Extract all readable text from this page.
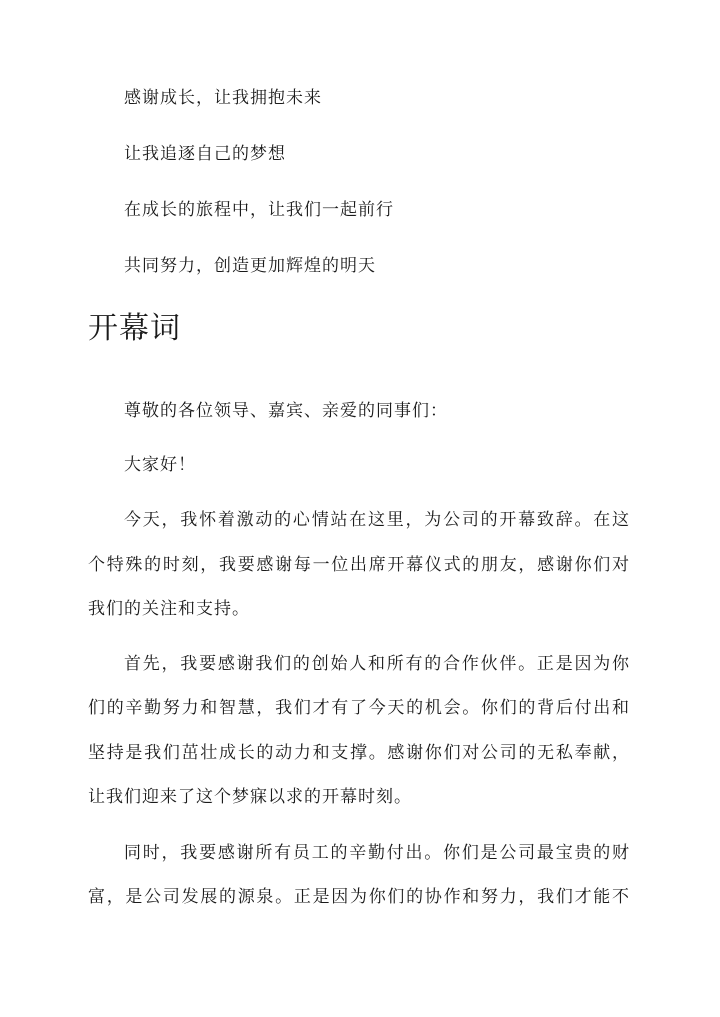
感谢成长，让我拥抱未来

让我追逐自己的梦想

在成长的旅程中，让我们一起前行

共同努力，创造更加辉煌的明天

开幕词

尊敬的各位领导、嘉宾、亲爱的同事们：

大家好！

今天，我怀着激动的心情站在这里，为公司的开幕致辞。在这

个特殊的时刻，我要感谢每一位出席开幕仪式的朋友，感谢你们对

我们的关注和支持。

首先，我要感谢我们的创始人和所有的合作伙伴。正是因为你

们的辛勤努力和智慧，我们才有了今天的机会。你们的背后付出和

坚持是我们茁壮成长的动力和支撑。感谢你们对公司的无私奉献，

让我们迎来了这个梦寐以求的开幕时刻。

同时，我要感谢所有员工的辛勤付出。你们是公司最宝贵的财

富，是公司发展的源泉。正是因为你们的协作和努力，我们才能不
